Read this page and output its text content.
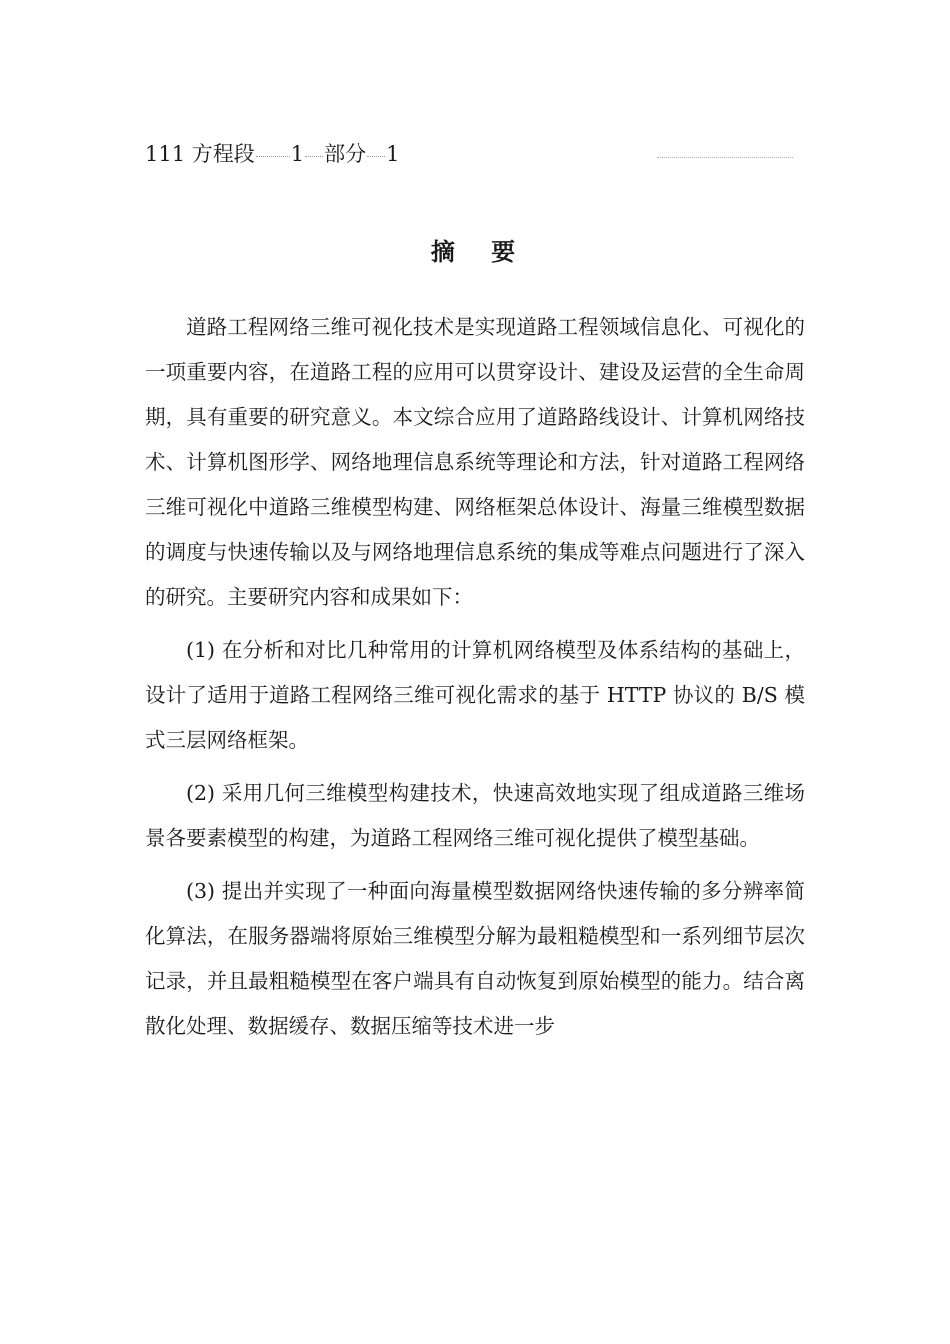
111 方程段 1 部分 1
摘 要

道路工程网络三维可视化技术是实现道路工程领域信息化、可视化的一项重要内容，在道路工程的应用可以贯穿设计、建设及运营的全生命周期，具有重要的研究意义。本文综合应用了道路路线设计、计算机网络技术、计算机图形学、网络地理信息系统等理论和方法，针对道路工程网络三维可视化中道路三维模型构建、网络框架总体设计、海量三维模型数据的调度与快速传输以及与网络地理信息系统的集成等难点问题进行了深入的研究。主要研究内容和成果如下：

(1) 在分析和对比几种常用的计算机网络模型及体系结构的基础上，设计了适用于道路工程网络三维可视化需求的基于 HTTP 协议的 B/S 模式三层网络框架。

(2) 采用几何三维模型构建技术，快速高效地实现了组成道路三维场景各要素模型的构建，为道路工程网络三维可视化提供了模型基础。

(3) 提出并实现了一种面向海量模型数据网络快速传输的多分辨率简化算法，在服务器端将原始三维模型分解为最粗糙模型和一系列细节层次记录，并且最粗糙模型在客户端具有自动恢复到原始模型的能力。结合离散化处理、数据缓存、数据压缩等技术进一步
